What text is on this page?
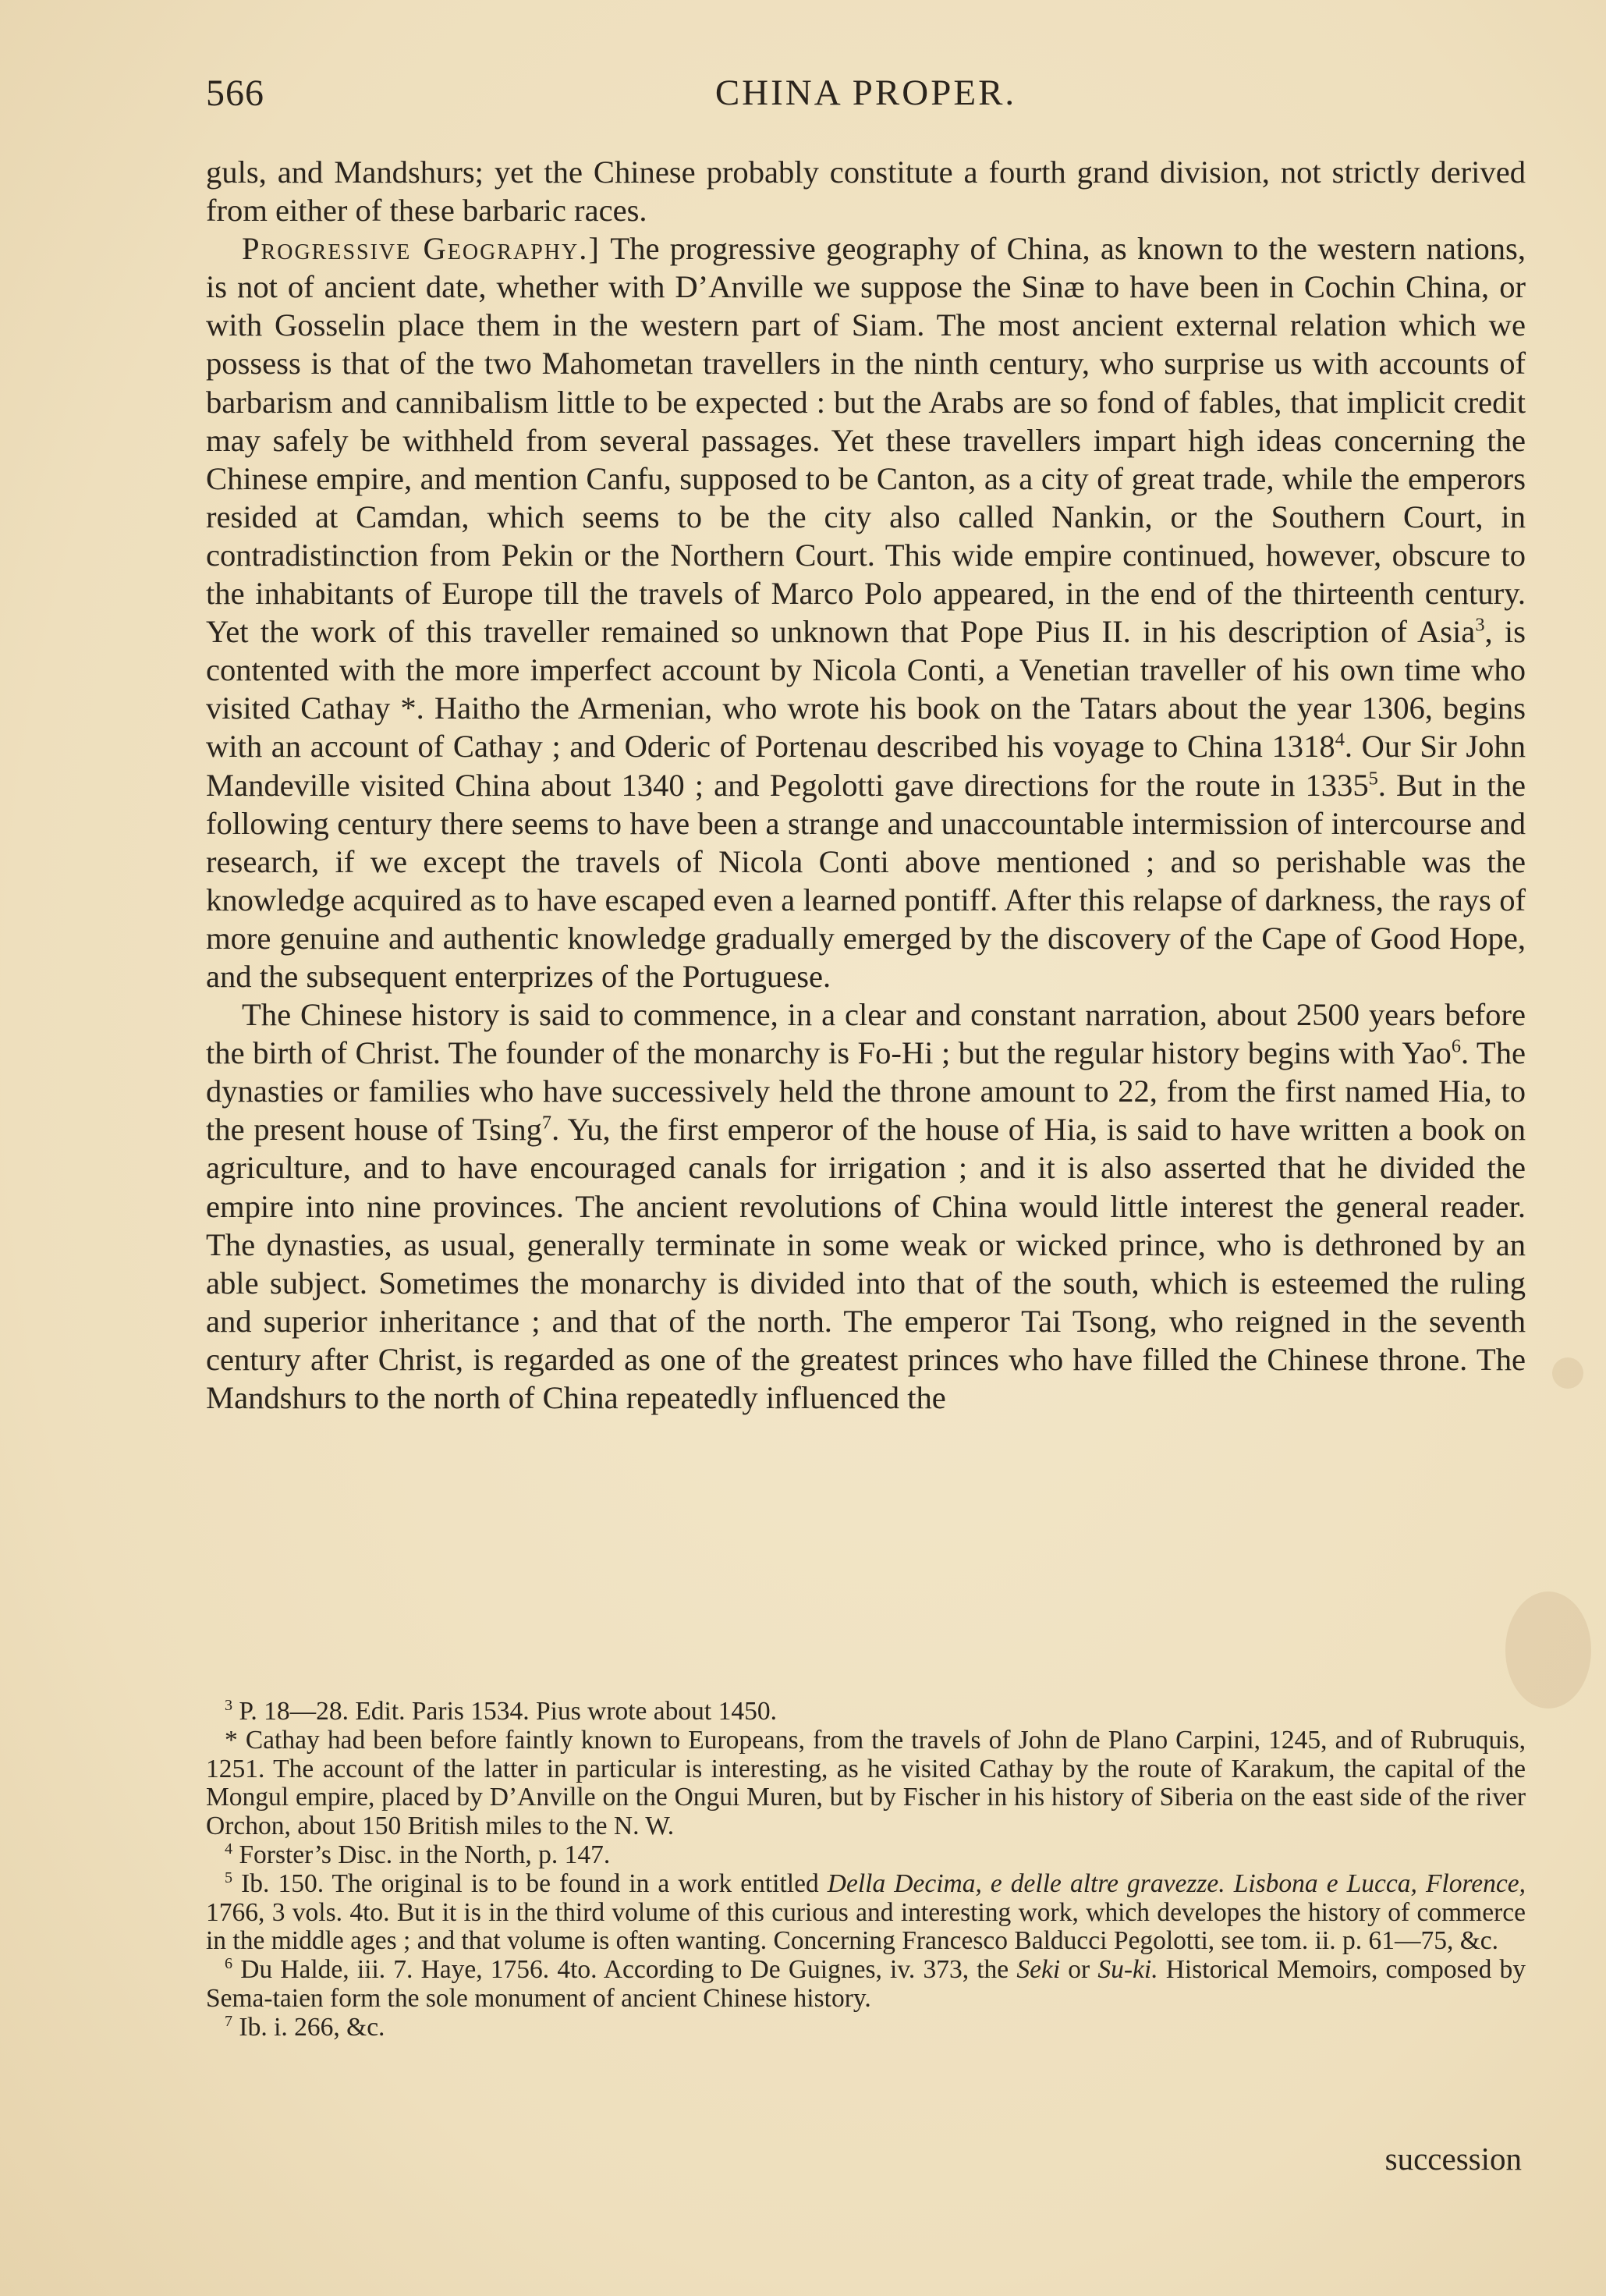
566	CHINA PROPER.

guls, and Mandshurs; yet the Chinese probably constitute a fourth grand division, not strictly derived from either of these barbaric races.

Progressive Geography.] The progressive geography of China, as known to the western nations, is not of ancient date, whether with D’Anville we suppose the Sinæ to have been in Cochin China, or with Gosselin place them in the western part of Siam. The most ancient external relation which we possess is that of the two Mahometan travellers in the ninth century, who surprise us with accounts of barbarism and cannibalism little to be expected : but the Arabs are so fond of fables, that implicit credit may safely be withheld from several passages. Yet these travellers impart high ideas concerning the Chinese empire, and mention Canfu, supposed to be Canton, as a city of great trade, while the emperors resided at Camdan, which seems to be the city also called Nankin, or the Southern Court, in contradistinction from Pekin or the Northern Court. This wide empire continued, however, obscure to the inhabitants of Europe till the travels of Marco Polo appeared, in the end of the thirteenth century. Yet the work of this traveller remained so unknown that Pope Pius II. in his description of Asia$^3$, is contented with the more imperfect account by Nicola Conti, a Venetian traveller of his own time who visited Cathay *. Haitho the Armenian, who wrote his book on the Tatars about the year 1306, begins with an account of Cathay ; and Oderic of Portenau described his voyage to China 1318$^4$. Our Sir John Mandeville visited China about 1340 ; and Pegolotti gave directions for the route in 1335$^5$. But in the following century there seems to have been a strange and unaccountable intermission of intercourse and research, if we except the travels of Nicola Conti above mentioned ; and so perishable was the knowledge acquired as to have escaped even a learned pontiff. After this relapse of darkness, the rays of more genuine and authentic knowledge gradually emerged by the discovery of the Cape of Good Hope, and the subsequent enterprizes of the Portuguese.

The Chinese history is said to commence, in a clear and constant narration, about 2500 years before the birth of Christ. The founder of the monarchy is Fo-Hi ; but the regular history begins with Yao$^6$. The dynasties or families who have successively held the throne amount to 22, from the first named Hia, to the present house of Tsing$^7$. Yu, the first emperor of the house of Hia, is said to have written a book on agriculture, and to have encouraged canals for irrigation ; and it is also asserted that he divided the empire into nine provinces. The ancient revolutions of China would little interest the general reader. The dynasties, as usual, generally terminate in some weak or wicked prince, who is dethroned by an able subject. Sometimes the monarchy is divided into that of the south, which is esteemed the ruling and superior inheritance ; and that of the north. The emperor Tai Tsong, who reigned in the seventh century after Christ, is regarded as one of the greatest princes who have filled the Chinese throne. The Mandshurs to the north of China repeatedly influenced the

$^3$ P. 18—28. Edit. Paris 1534. Pius wrote about 1450.

* Cathay had been before faintly known to Europeans, from the travels of John de Plano Carpini, 1245, and of Rubruquis, 1251. The account of the latter in particular is interesting, as he visited Cathay by the route of Karakum, the capital of the Mongul empire, placed by D’Anville on the Ongui Muren, but by Fischer in his history of Siberia on the east side of the river Orchon, about 150 British miles to the N. W.

$^4$ Forster’s Disc. in the North, p. 147.

$^5$ Ib. 150. The original is to be found in a work entitled Della Decima, e delle altre gravezze. Lisbona e Lucca, Florence, 1766, 3 vols. 4to. But it is in the third volume of this curious and interesting work, which developes the history of commerce in the middle ages ; and that volume is often wanting. Concerning Francesco Balducci Pegolotti, see tom. ii. p. 61—75, &c.

$^6$ Du Halde, iii. 7. Haye, 1756. 4to. According to De Guignes, iv. 373, the Seki or Su-ki. Historical Memoirs, composed by Sema-taien form the sole monument of ancient Chinese history.

$^7$ Ib. i. 266, &c.

succession
